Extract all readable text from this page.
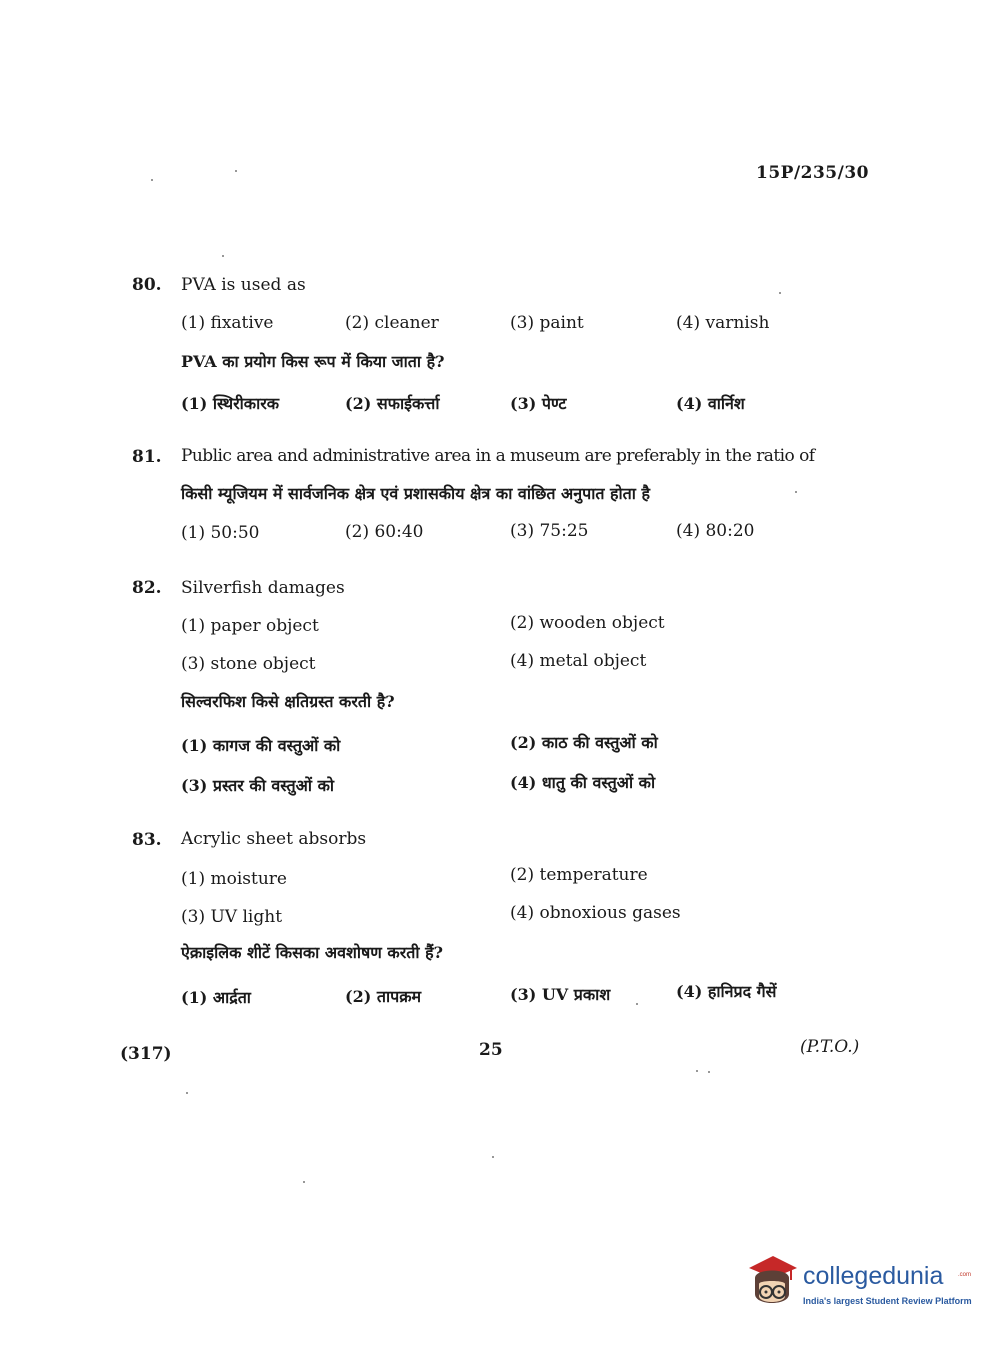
15P/235/30
80. PVA is used as
(1) fixative	(2) cleaner	(3) paint	(4) varnish
PVA का प्रयोग किस रूप में किया जाता है?
(1) स्थिरीकारक	(2) सफाईकर्त्ता	(3) पेण्ट	(4) वार्निश
81. Public area and administrative area in a museum are preferably in the ratio of
किसी म्यूजियम में सार्वजनिक क्षेत्र एवं प्रशासकीय क्षेत्र का वांछित अनुपात होता है
(1) 50:50	(2) 60:40	(3) 75:25	(4) 80:20
82. Silverfish damages
(1) paper object	(2) wooden object
(3) stone object	(4) metal object
सिल्वरफिश किसे क्षतिग्रस्त करती है?
(1) कागज की वस्तुओं को	(2) काठ की वस्तुओं को
(3) प्रस्तर की वस्तुओं को	(4) धातु की वस्तुओं को
83. Acrylic sheet absorbs
(1) moisture	(2) temperature
(3) UV light	(4) obnoxious gases
ऐक्राइलिक शीटें किसका अवशोषण करती हैं?
(1) आर्द्रता	(2) तापक्रम	(3) UV प्रकाश	(4) हानिप्रद गैसें
(317)	25	(P.T.O.)
collegedunia .com
India's largest Student Review Platform
